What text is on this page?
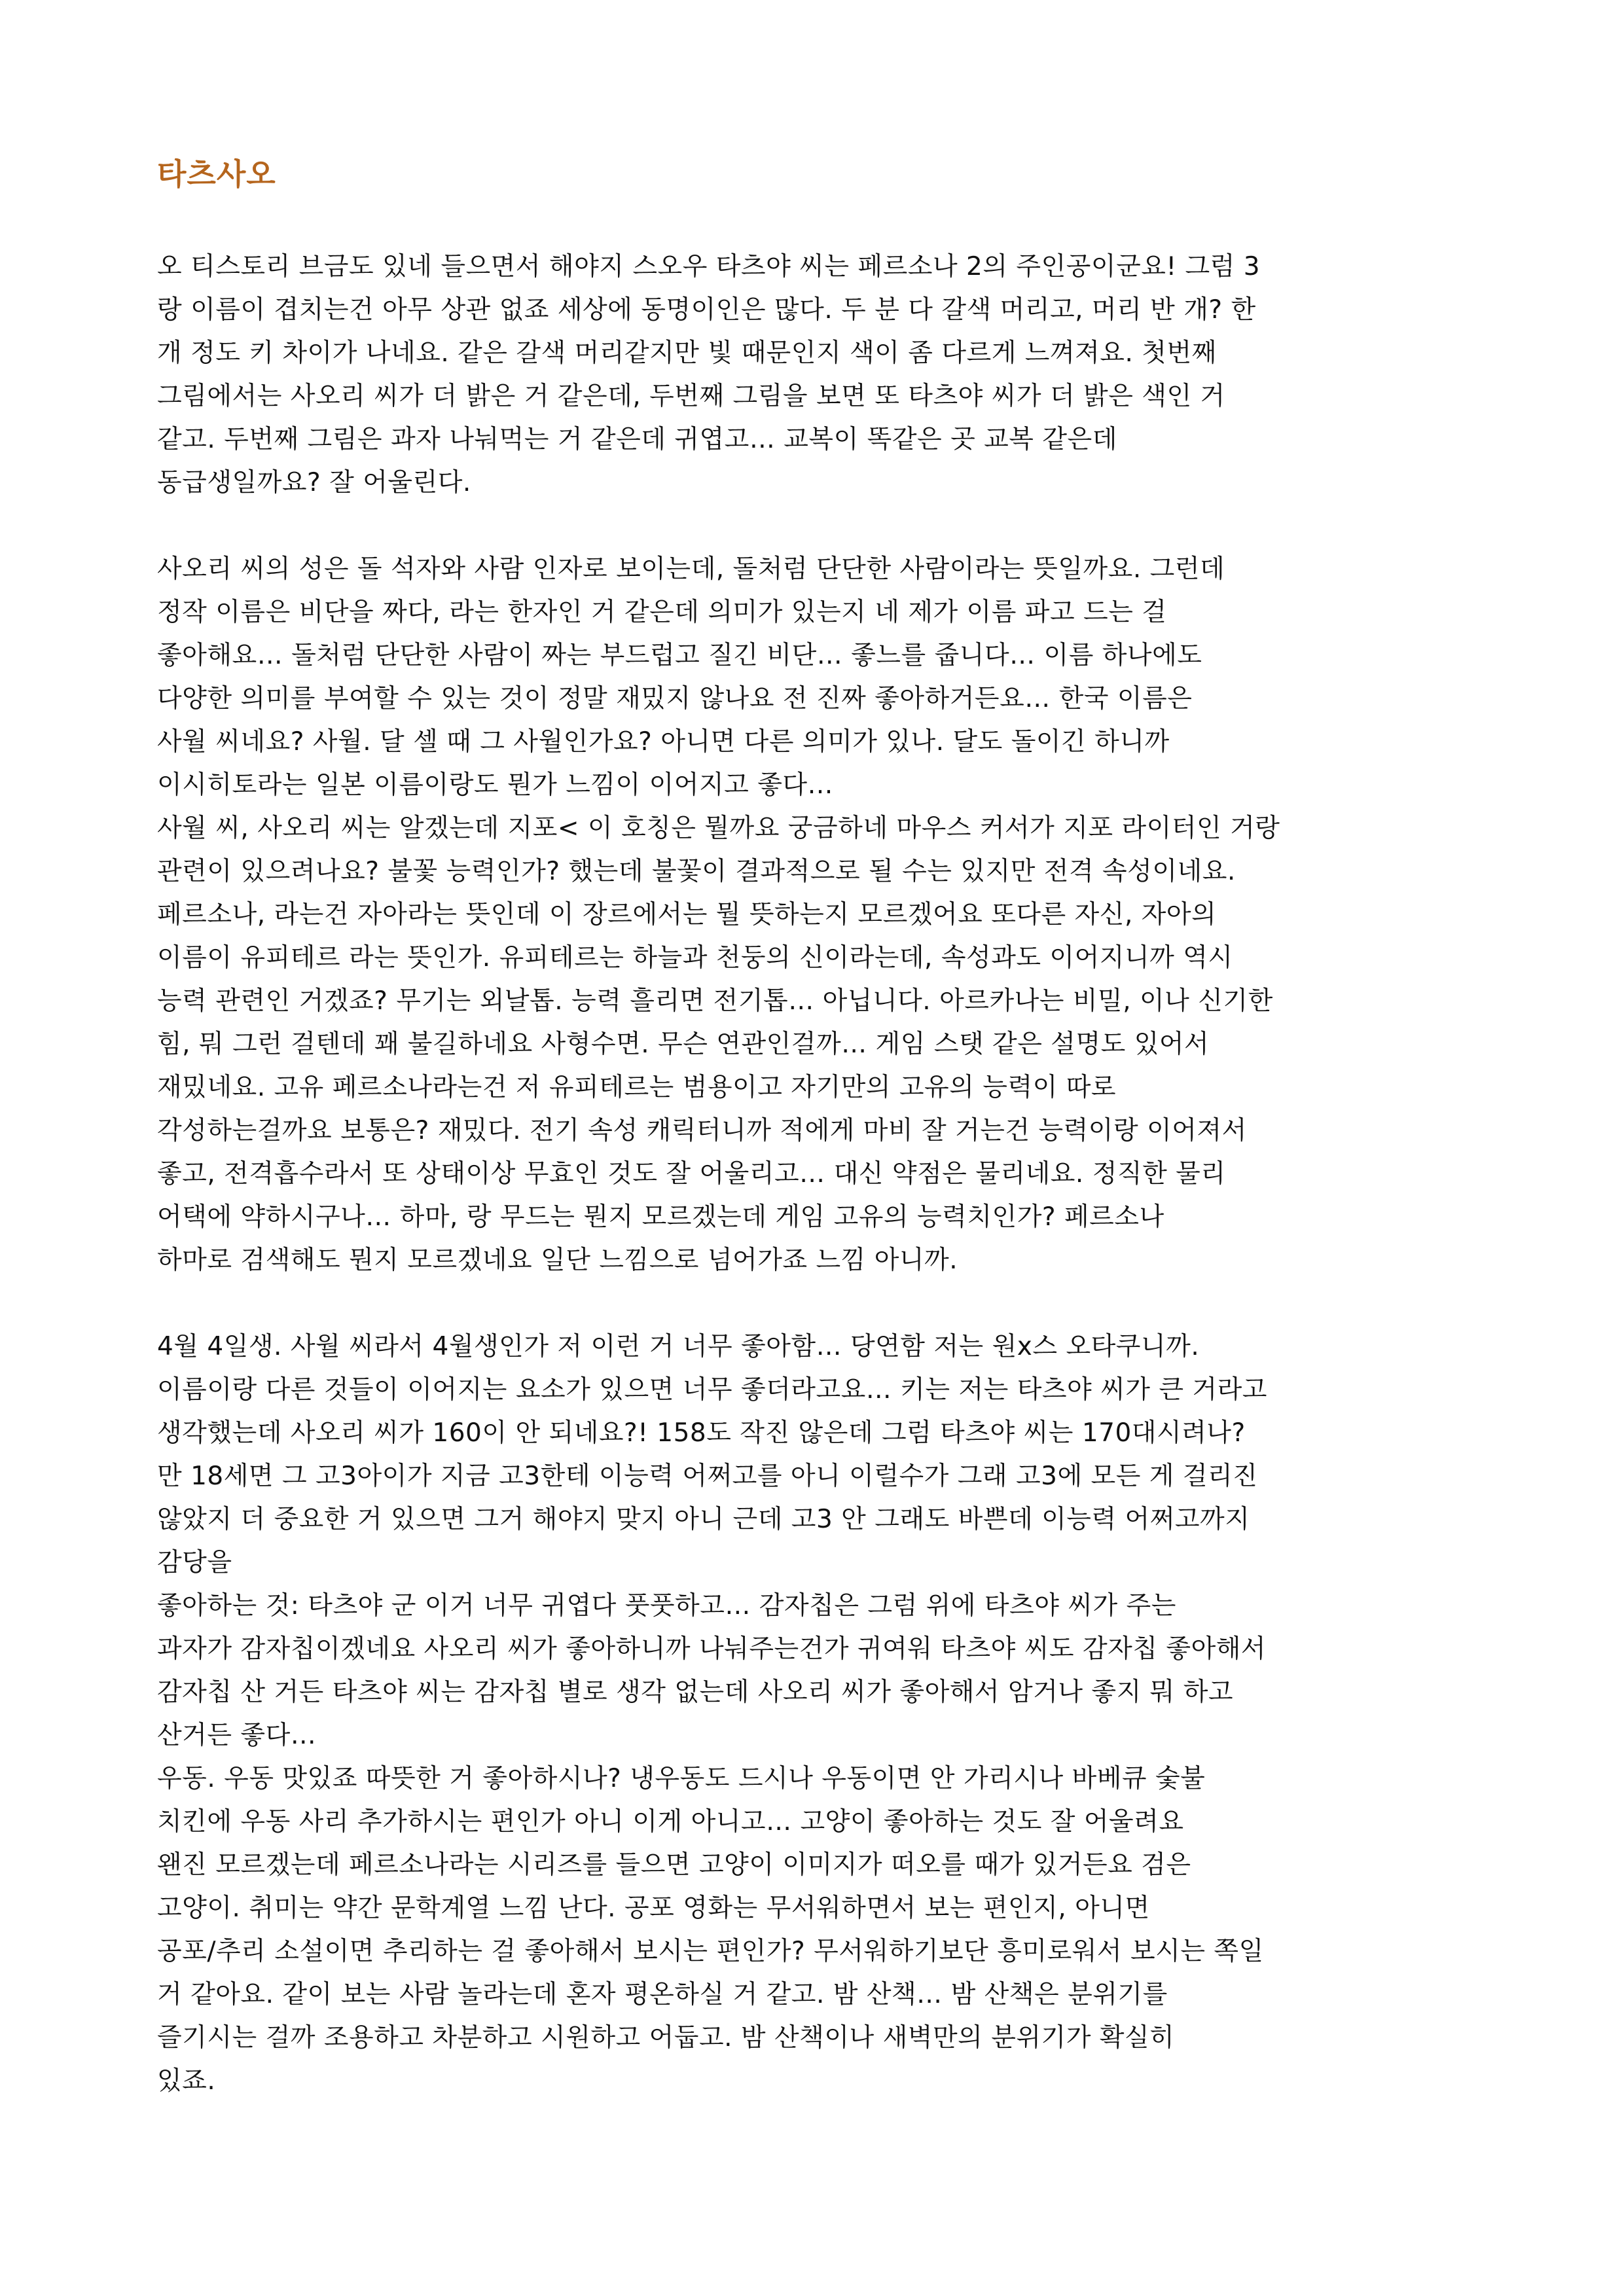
타츠사오
오 티스토리 브금도 있네 들으면서 해야지 스오우 타츠야 씨는 페르소나 2의 주인공이군요! 그럼 3
랑 이름이 겹치는건 아무 상관 없죠 세상에 동명이인은 많다. 두 분 다 갈색 머리고, 머리 반 개? 한
개 정도 키 차이가 나네요. 같은 갈색 머리같지만 빛 때문인지 색이 좀 다르게 느껴져요. 첫번째
그림에서는 사오리 씨가 더 밝은 거 같은데, 두번째 그림을 보면 또 타츠야 씨가 더 밝은 색인 거
같고. 두번째 그림은 과자 나눠먹는 거 같은데 귀엽고… 교복이 똑같은 곳 교복 같은데
동급생일까요? 잘 어울린다.
사오리 씨의 성은 돌 석자와 사람 인자로 보이는데, 돌처럼 단단한 사람이라는 뜻일까요. 그런데
정작 이름은 비단을 짜다, 라는 한자인 거 같은데 의미가 있는지 네 제가 이름 파고 드는 걸
좋아해요… 돌처럼 단단한 사람이 짜는 부드럽고 질긴 비단… 좋느를 줍니다… 이름 하나에도
다양한 의미를 부여할 수 있는 것이 정말 재밌지 않나요 전 진짜 좋아하거든요… 한국 이름은
사월 씨네요? 사월. 달 셀 때 그 사월인가요? 아니면 다른 의미가 있나. 달도 돌이긴 하니까
이시히토라는 일본 이름이랑도 뭔가 느낌이 이어지고 좋다…
사월 씨, 사오리 씨는 알겠는데 지포< 이 호칭은 뭘까요 궁금하네 마우스 커서가 지포 라이터인 거랑
관련이 있으려나요? 불꽃 능력인가? 했는데 불꽃이 결과적으로 될 수는 있지만 전격 속성이네요.
페르소나, 라는건 자아라는 뜻인데 이 장르에서는 뭘 뜻하는지 모르겠어요 또다른 자신, 자아의
이름이 유피테르 라는 뜻인가. 유피테르는 하늘과 천둥의 신이라는데, 속성과도 이어지니까 역시
능력 관련인 거겠죠? 무기는 외날톱. 능력 흘리면 전기톱… 아닙니다. 아르카나는 비밀, 이나 신기한
힘, 뭐 그런 걸텐데 꽤 불길하네요 사형수면. 무슨 연관인걸까… 게임 스탯 같은 설명도 있어서
재밌네요. 고유 페르소나라는건 저 유피테르는 범용이고 자기만의 고유의 능력이 따로
각성하는걸까요 보통은? 재밌다. 전기 속성 캐릭터니까 적에게 마비 잘 거는건 능력이랑 이어져서
좋고, 전격흡수라서 또 상태이상 무효인 것도 잘 어울리고… 대신 약점은 물리네요. 정직한 물리
어택에 약하시구나… 하마, 랑 무드는 뭔지 모르겠는데 게임 고유의 능력치인가? 페르소나
하마로 검색해도 뭔지 모르겠네요 일단 느낌으로 넘어가죠 느낌 아니까.
4월 4일생. 사월 씨라서 4월생인가 저 이런 거 너무 좋아함… 당연함 저는 원x스 오타쿠니까.
이름이랑 다른 것들이 이어지는 요소가 있으면 너무 좋더라고요… 키는 저는 타츠야 씨가 큰 거라고
생각했는데 사오리 씨가 160이 안 되네요?! 158도 작진 않은데 그럼 타츠야 씨는 170대시려나?
만 18세면 그 고3아이가 지금 고3한테 이능력 어쩌고를 아니 이럴수가 그래 고3에 모든 게 걸리진
않았지 더 중요한 거 있으면 그거 해야지 맞지 아니 근데 고3 안 그래도 바쁜데 이능력 어쩌고까지
감당을
좋아하는 것: 타츠야 군 이거 너무 귀엽다 풋풋하고… 감자칩은 그럼 위에 타츠야 씨가 주는
과자가 감자칩이겠네요 사오리 씨가 좋아하니까 나눠주는건가 귀여워 타츠야 씨도 감자칩 좋아해서
감자칩 산 거든 타츠야 씨는 감자칩 별로 생각 없는데 사오리 씨가 좋아해서 암거나 좋지 뭐 하고
산거든 좋다…
우동. 우동 맛있죠 따뜻한 거 좋아하시나? 냉우동도 드시나 우동이면 안 가리시나 바베큐 숯불
치킨에 우동 사리 추가하시는 편인가 아니 이게 아니고… 고양이 좋아하는 것도 잘 어울려요
왠진 모르겠는데 페르소나라는 시리즈를 들으면 고양이 이미지가 떠오를 때가 있거든요 검은
고양이. 취미는 약간 문학계열 느낌 난다. 공포 영화는 무서워하면서 보는 편인지, 아니면
공포/추리 소설이면 추리하는 걸 좋아해서 보시는 편인가? 무서워하기보단 흥미로워서 보시는 쪽일
거 같아요. 같이 보는 사람 놀라는데 혼자 평온하실 거 같고. 밤 산책… 밤 산책은 분위기를
즐기시는 걸까 조용하고 차분하고 시원하고 어둡고. 밤 산책이나 새벽만의 분위기가 확실히
있죠.
